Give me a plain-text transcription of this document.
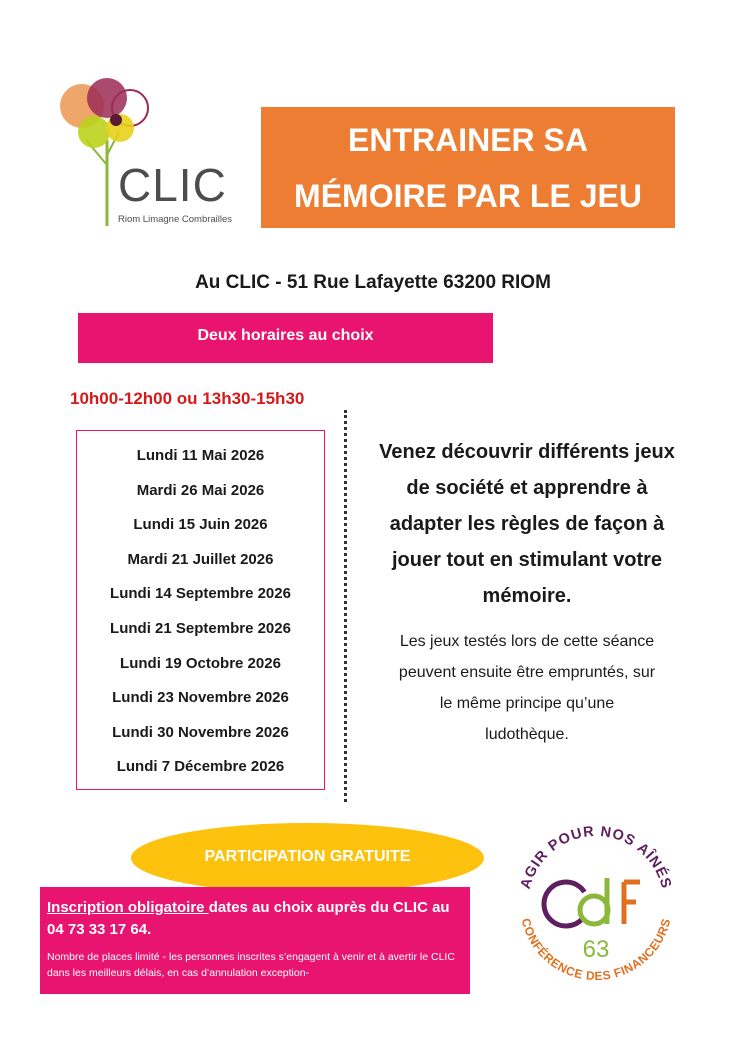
CLIC
Riom Limagne Combrailles
ENTRAINER SA
MÉMOIRE PAR LE JEU
Au CLIC - 51 Rue Lafayette 63200 RIOM
Deux horaires au choix
10h00-12h00 ou 13h30-15h30
Lundi 11 Mai 2026
Mardi 26 Mai 2026
Lundi 15 Juin 2026
Mardi 21 Juillet 2026
Lundi 14 Septembre 2026
Lundi 21 Septembre 2026
Lundi 19 Octobre 2026
Lundi 23 Novembre 2026
Lundi 30 Novembre 2026
Lundi 7 Décembre 2026
Venez découvrir différents jeux
de société et apprendre à
adapter les règles de façon à
jouer tout en stimulant votre
mémoire.
Les jeux testés lors de cette séance
peuvent ensuite être empruntés, sur
le même principe qu’une
ludothèque.
PARTICIPATION GRATUITE
Inscription obligatoire dates au choix auprès du CLIC au 04 73 33 17 64.
Nombre de places limité - les personnes inscrites s’engagent à venir et à avertir le CLIC dans les meilleurs délais, en cas d’annulation exception-
AGIR POUR NOS AÎNÉS
CONFÉRENCE DES FINANCEURS
63
